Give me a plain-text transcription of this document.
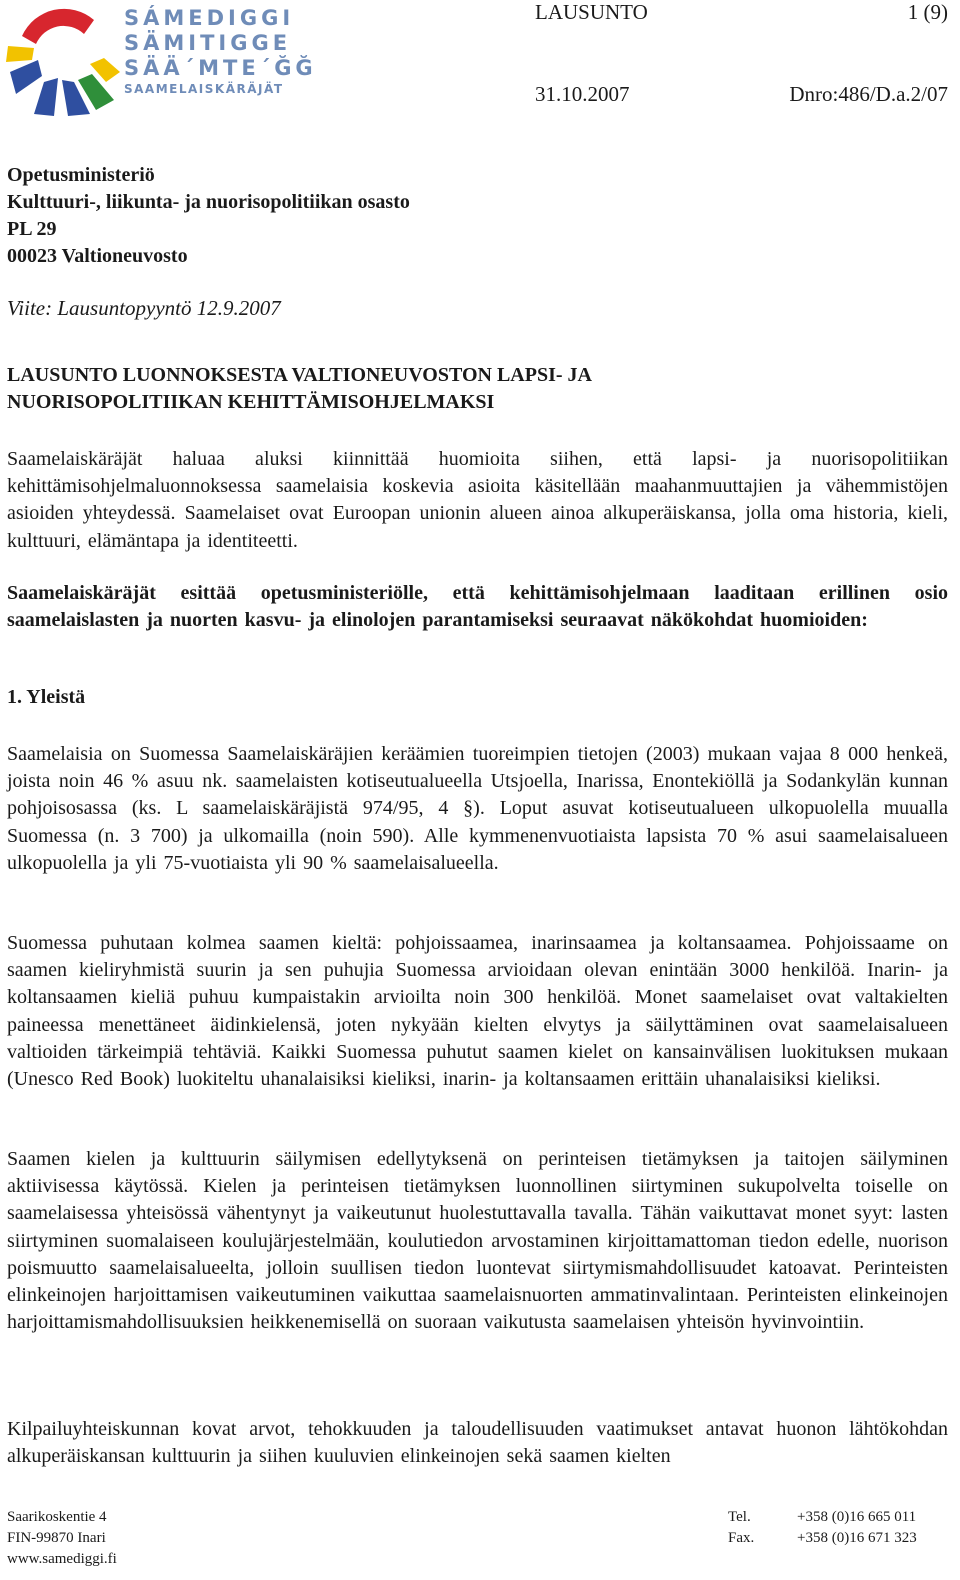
SÁMEDIGGI
SÄMITIGGE
SÄÄ´MTE´ĞĞ
SAAMELAISKÄRÄJÄT
LAUSUNTO	1 (9)
31.10.2007	Dnro:486/D.a.2/07
Opetusministeriö
Kulttuuri-, liikunta- ja nuorisopolitiikan osasto
PL 29
00023 Valtioneuvosto
Viite: Lausuntopyyntö 12.9.2007
LAUSUNTO LUONNOKSESTA VALTIONEUVOSTON LAPSI- JA
NUORISOPOLITIIKAN KEHITTÄMISOHJELMAKSI
Saamelaiskäräjät haluaa aluksi kiinnittää huomioita siihen, että lapsi- ja nuorisopolitiikan kehittämisohjelmaluonnoksessa saamelaisia koskevia asioita käsitellään maahanmuuttajien ja vähemmistöjen asioiden yhteydessä. Saamelaiset ovat Euroopan unionin alueen ainoa alkuperäiskansa, jolla oma historia, kieli, kulttuuri, elämäntapa ja identiteetti.
Saamelaiskäräjät esittää opetusministeriölle, että kehittämisohjelmaan laaditaan erillinen osio saamelaislasten ja nuorten kasvu- ja elinolojen parantamiseksi seuraavat näkökohdat huomioiden:
1. Yleistä
Saamelaisia on Suomessa Saamelaiskäräjien keräämien tuoreimpien tietojen (2003) mukaan vajaa 8 000 henkeä, joista noin 46 % asuu nk. saamelaisten kotiseutualueella Utsjoella, Inarissa, Enontekiöllä ja Sodankylän kunnan pohjoisosassa (ks. L saamelaiskäräjistä 974/95, 4 §). Loput asuvat kotiseutualueen ulkopuolella muualla Suomessa (n. 3 700) ja ulkomailla (noin 590). Alle kymmenenvuotiaista lapsista 70 % asui saamelaisalueen ulkopuolella ja yli 75-vuotiaista yli 90 % saamelaisalueella.
Suomessa puhutaan kolmea saamen kieltä: pohjoissaamea, inarinsaamea ja koltansaamea. Pohjoissaame on saamen kieliryhmistä suurin ja sen puhujia Suomessa arvioidaan olevan enintään 3000 henkilöä. Inarin- ja koltansaamen kieliä puhuu kumpaistakin arvioilta noin 300 henkilöä. Monet saamelaiset ovat valtakielten paineessa menettäneet äidinkielensä, joten nykyään kielten elvytys ja säilyttäminen ovat saamelaisalueen valtioiden tärkeimpiä tehtäviä. Kaikki Suomessa puhutut saamen kielet on kansainvälisen luokituksen mukaan (Unesco Red Book) luokiteltu uhanalaisiksi kieliksi, inarin- ja koltansaamen erittäin uhanalaisiksi kieliksi.
Saamen kielen ja kulttuurin säilymisen edellytyksenä on perinteisen tietämyksen ja taitojen säilyminen aktiivisessa käytössä. Kielen ja perinteisen tietämyksen luonnollinen siirtyminen sukupolvelta toiselle on saamelaisessa yhteisössä vähentynyt ja vaikeutunut huolestuttavalla tavalla. Tähän vaikuttavat monet syyt: lasten siirtyminen suomalaiseen koulujärjestelmään, koulutiedon arvostaminen kirjoittamattoman tiedon edelle, nuorison poismuutto saamelaisalueelta, jolloin suullisen tiedon luontevat siirtymismahdollisuudet katoavat. Perinteisten elinkeinojen harjoittamisen vaikeutuminen vaikuttaa saamelaisnuorten ammatinvalintaan. Perinteisten elinkeinojen harjoittamismahdollisuuksien heikkenemisellä on suoraan vaikutusta saamelaisen yhteisön hyvinvointiin.
Kilpailuyhteiskunnan kovat arvot, tehokkuuden ja taloudellisuuden vaatimukset antavat huonon lähtökohdan alkuperäiskansan kulttuurin ja siihen kuuluvien elinkeinojen sekä saamen kielten
Saarikoskentie 4
FIN-99870 Inari
www.samediggi.fi
Tel.
Fax.
+358 (0)16 665 011
+358 (0)16 671 323
